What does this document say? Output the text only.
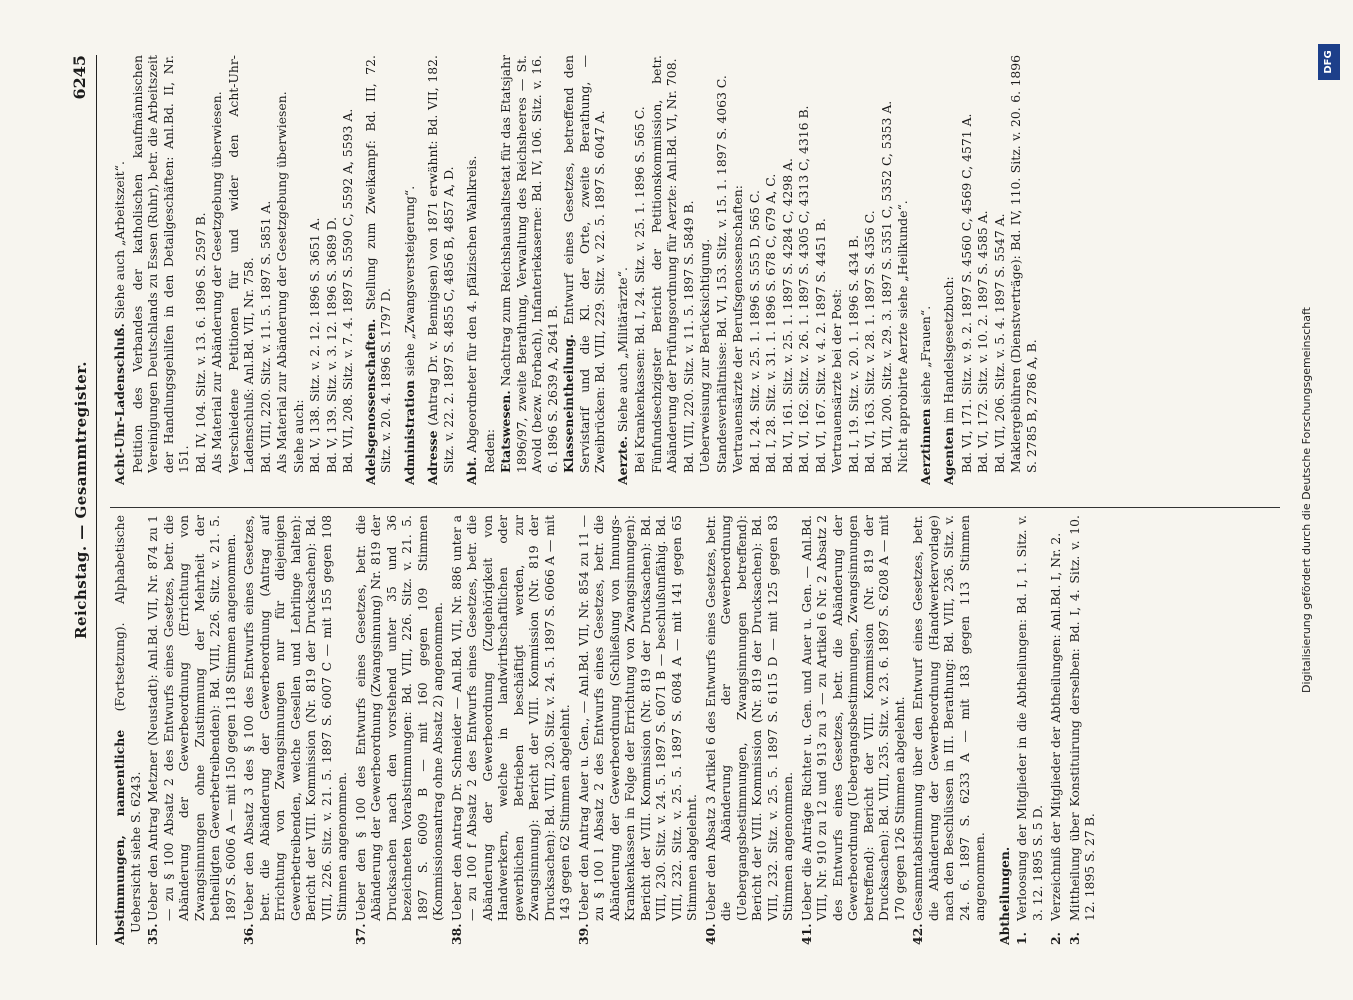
Reichstag. — Gesammtregister.
6245

Abstimmungen, namentliche (Fortsetzung). Alphabetische Uebersicht siehe S. 6243.

35.Ueber den Antrag Metzner (Neustadt): Anl.Bd. VII, Nr. 874 zu 1 — zu § 100 Absatz 2 des Entwurfs eines Gesetzes, betr. die Abänderung der Gewerbeordnung (Errichtung von Zwangsinnungen ohne Zustimmung der Mehrheit der betheiligten Gewerbetreibenden): Bd. VIII, 226. Sitz. v. 21. 5. 1897 S. 6006 A — mit 150 gegen 118 Stimmen angenommen.

36.Ueber den Absatz 3 des § 100 des Entwurfs eines Gesetzes, betr. die Abänderung der Gewerbeordnung (Antrag auf Errichtung von Zwangsinnungen nur für diejenigen Gewerbetreibenden, welche Gesellen und Lehrlinge halten): Bericht der VIII. Kommission (Nr. 819 der Drucksachen): Bd. VIII, 226. Sitz. v. 21. 5. 1897 S. 6007 C — mit 155 gegen 108 Stimmen angenommen.

37.Ueber den § 100 des Entwurfs eines Gesetzes, betr. die Abänderung der Gewerbeordnung (Zwangsinnung) Nr. 819 der Drucksachen nach den vorstehend unter 35 und 36 bezeichneten Vorabstimmungen: Bd. VIII, 226. Sitz. v. 21. 5. 1897 S. 6009 B — mit 160 gegen 109 Stimmen (Kommissionsantrag ohne Absatz 2) angenommen.

38.Ueber den Antrag Dr. Schneider — Anl.Bd. VII, Nr. 886 unter a — zu 100 f Absatz 2 des Entwurfs eines Gesetzes, betr. die Abänderung der Gewerbeordnung (Zugehörigkeit von Handwerkern, welche in landwirthschaftlichen oder gewerblichen Betrieben beschäftigt werden, zur Zwangsinnung): Bericht der VIII. Kommission (Nr. 819 der Drucksachen): Bd. VIII, 230. Sitz. v. 24. 5. 1897 S. 6066 A — mit 143 gegen 62 Stimmen abgelehnt.

39.Ueber den Antrag Auer u. Gen., — Anl.Bd. VII, Nr. 854 zu 11 — zu § 100 l Absatz 2 des Entwurfs eines Gesetzes, betr. die Abänderung der Gewerbeordnung (Schließung von Innungs-Krankenkassen in Folge der Errichtung von Zwangsinnungen): Bericht der VIII. Kommission (Nr. 819 der Drucksachen): Bd. VIII, 230. Sitz. v. 24. 5. 1897 S. 6071 B — beschlußunfähig. Bd. VIII, 232. Sitz. v. 25. 5. 1897 S. 6084 A — mit 141 gegen 65 Stimmen abgelehnt.

40.Ueber den Absatz 3 Artikel 6 des Entwurfs eines Gesetzes, betr. die Abänderung der Gewerbeordnung (Uebergangsbestimmungen, Zwangsinnungen betreffend): Bericht der VIII. Kommission (Nr. 819 der Drucksachen): Bd. VIII, 232. Sitz. v. 25. 5. 1897 S. 6115 D — mit 125 gegen 83 Stimmen angenommen.

41.Ueber die Anträge Richter u. Gen. und Auer u. Gen. — Anl.Bd. VIII, Nr. 910 zu 12 und 913 zu 3 — zu Artikel 6 Nr. 2 Absatz 2 des Entwurfs eines Gesetzes, betr. die Abänderung der Gewerbeordnung (Uebergangsbestimmungen, Zwangsinnungen betreffend): Bericht der VIII. Kommission (Nr. 819 der Drucksachen): Bd. VIII, 235. Sitz. v. 23. 6. 1897 S. 6208 A — mit 170 gegen 126 Stimmen abgelehnt.

42.Gesammtabstimmung über den Entwurf eines Gesetzes, betr. die Abänderung der Gewerbeordnung (Handwerkervorlage) nach den Beschlüssen in III. Berathung: Bd. VIII, 236. Sitz. v. 24. 6. 1897 S. 6233 A — mit 183 gegen 113 Stimmen angenommen. Abtheilungen. 1.Verloosung der Mitglieder in die Abtheilungen: Bd. I, 1. Sitz. v. 3. 12. 1895 S. 5 D.

2.Verzeichniß der Mitglieder der Abtheilungen: Anl.Bd. I, Nr. 2.

3.Mittheilung über Konstituirung derselben: Bd. I, 4. Sitz. v. 10. 12. 1895 S. 27 B.

Acht-Uhr-Ladenschluß. Siehe auch „Arbeitszeit“. Petition des Verbandes der katholischen kaufmännischen Vereinigungen Deutschlands zu Essen (Ruhr), betr. die Arbeitszeit der Handlungsgehilfen in den Detailgeschäften: Anl.Bd. II, Nr. 151. Bd. IV, 104. Sitz. v. 13. 6. 1896 S. 2597 B. Als Material zur Abänderung der Gesetzgebung überwiesen. Verschiedene Petitionen für und wider den Acht-Uhr-Ladenschluß: Anl.Bd. VII, Nr. 758. Bd. VIII, 220. Sitz. v. 11. 5. 1897 S. 5851 A. Als Material zur Abänderung der Gesetzgebung überwiesen. Siehe auch: Bd. V, 138. Sitz. v. 2. 12. 1896 S. 3651 A. Bd. V, 139. Sitz. v. 3. 12. 1896 S. 3689 D. Bd. VII, 208. Sitz. v. 7. 4. 1897 S. 5590 C, 5592 A, 5593 A. Adelsgenossenschaften. Stellung zum Zweikampf: Bd. III, 72. Sitz. v. 20. 4. 1896 S. 1797 D. Administration siehe „Zwangsversteigerung“.

Adresse (Antrag Dr. v. Bennigsen) von 1871 erwähnt: Bd. VII, 182. Sitz. v. 22. 2. 1897 S. 4855 C, 4856 B, 4857 A, D. Abt. Abgeordneter für den 4. pfälzischen Wahlkreis. Reden: Etatswesen. Nachtrag zum Reichshaushaltsetat für das Etatsjahr 1896/97, zweite Berathung, Verwaltung des Reichsheeres — St. Avold (bezw. Forbach), Infanteriekaserne: Bd. IV, 106. Sitz. v. 16. 6. 1896 S. 2639 A, 2641 B. Klasseneintheilung. Entwurf eines Gesetzes, betreffend den Servistarif und die Kl. der Orte, zweite Berathung, — Zweibrücken: Bd. VIII, 229. Sitz. v. 22. 5. 1897 S. 6047 A. Aerzte. Siehe auch „Militärärzte“. Bei Krankenkassen: Bd. I, 24. Sitz. v. 25. 1. 1896 S. 565 C. Fünfundsechzigster Bericht der Petitionskommission, betr. Abänderung der Prüfungsordnung für Aerzte: Anl.Bd. VI, Nr. 708. Bd. VIII, 220. Sitz. v. 11. 5. 1897 S. 5849 B. Ueberweisung zur Berücksichtigung. Standesverhältnisse: Bd. VI, 153. Sitz. v. 15. 1. 1897 S. 4063 C. Vertrauensärzte der Berufsgenossenschaften: Bd. I, 24. Sitz. v. 25. 1. 1896 S. 555 D, 565 C. Bd. I, 28. Sitz. v. 31. 1. 1896 S. 678 C, 679 A, C. Bd. VI, 161. Sitz. v. 25. 1. 1897 S. 4284 C, 4298 A. Bd. VI, 162. Sitz. v. 26. 1. 1897 S. 4305 C, 4313 C, 4316 B. Bd. VI, 167. Sitz. v. 4. 2. 1897 S. 4451 B. Vertrauensärzte bei der Post: Bd. I, 19. Sitz. v. 20. 1. 1896 S. 434 B. Bd. VI, 163. Sitz. v. 28. 1. 1897 S. 4356 C. Bd. VII, 200. Sitz. v. 29. 3. 1897 S. 5351 C, 5352 C, 5353 A. Nicht approbirte Aerzte siehe „Heilkunde“. Aerztinnen siehe „Frauen“.

Agenten im Handelsgesetzbuch: Bd. VI, 171. Sitz. v. 9. 2. 1897 S. 4560 C, 4569 C, 4571 A. Bd. VI, 172. Sitz. v. 10. 2. 1897 S. 4585 A. Bd. VII, 206. Sitz. v. 5. 4. 1897 S. 5547 A. Maklergebühren (Dienstverträge): Bd. IV, 110. Sitz. v. 20. 6. 1896 S. 2785 B, 2786 A, B.	Digitalisierung gefördert durch die Deutsche Forschungsgemeinschaft
DFG
